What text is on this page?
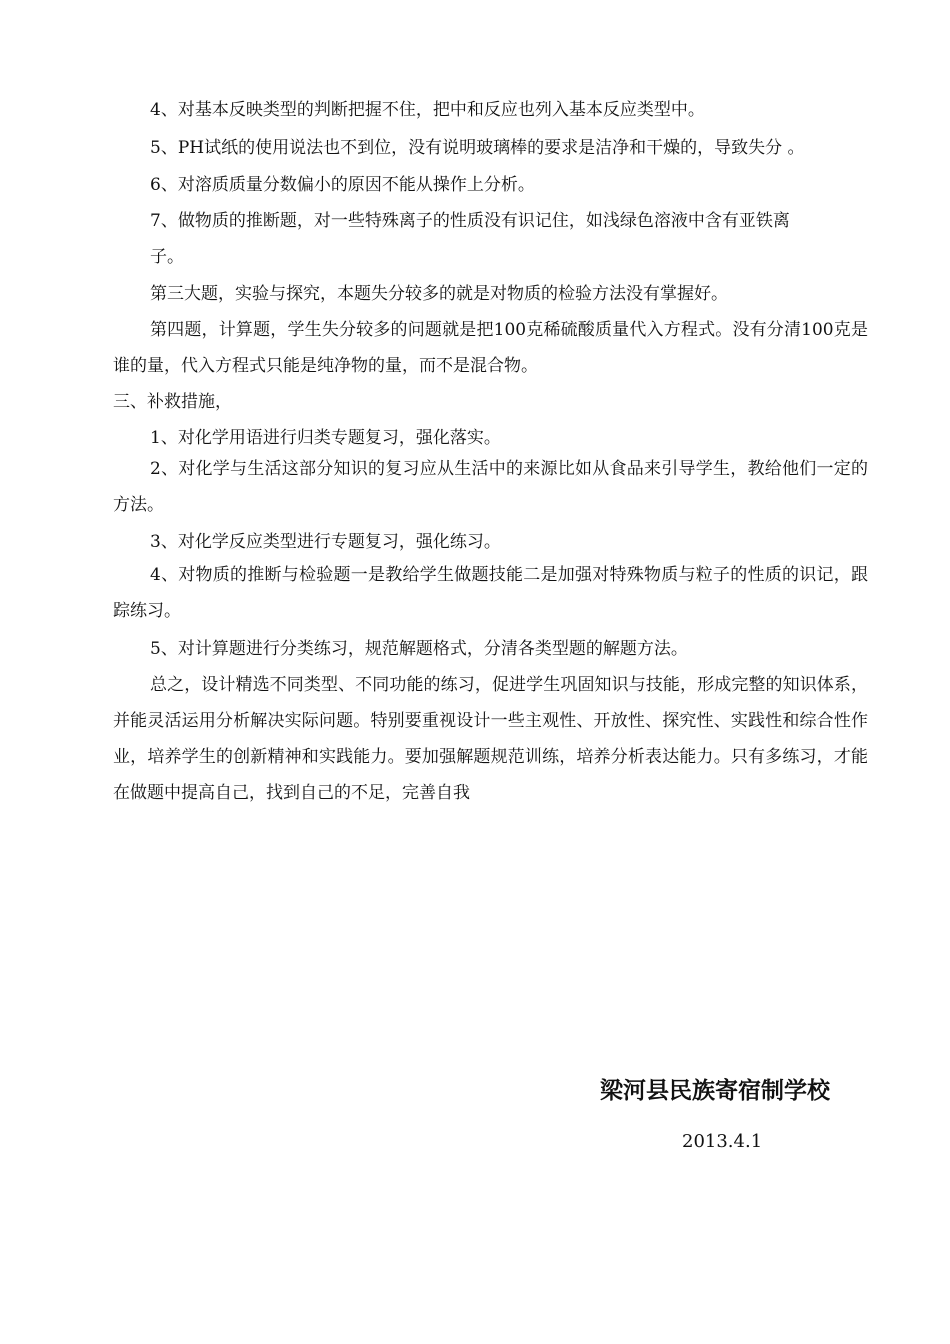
4、对基本反映类型的判断把握不住，把中和反应也列入基本反应类型中。

5、PH试纸的使用说法也不到位，没有说明玻璃棒的要求是洁净和干燥的，导致失分 。

6、对溶质质量分数偏小的原因不能从操作上分析。

7、做物质的推断题，对一些特殊离子的性质没有识记住，如浅绿色溶液中含有亚铁离

子。

第三大题，实验与探究，本题失分较多的就是对物质的检验方法没有掌握好。

第四题，计算题，学生失分较多的问题就是把100克稀硫酸质量代入方程式。没有分清100克是谁的量，代入方程式只能是纯净物的量，而不是混合物。

三、补救措施，

1、对化学用语进行归类专题复习，强化落实。

2、对化学与生活这部分知识的复习应从生活中的来源比如从食品来引导学生，教给他们一定的方法。

3、对化学反应类型进行专题复习，强化练习。

4、对物质的推断与检验题一是教给学生做题技能二是加强对特殊物质与粒子的性质的识记，跟踪练习。

5、对计算题进行分类练习，规范解题格式，分清各类型题的解题方法。

总之，设计精选不同类型、不同功能的练习，促进学生巩固知识与技能，形成完整的知识体系，并能灵活运用分析解决实际问题。特别要重视设计一些主观性、开放性、探究性、实践性和综合性作业，培养学生的创新精神和实践能力。要加强解题规范训练，培养分析表达能力。只有多练习，才能在做题中提高自己，找到自己的不足，完善自我

梁河县民族寄宿制学校
2013.4.1
